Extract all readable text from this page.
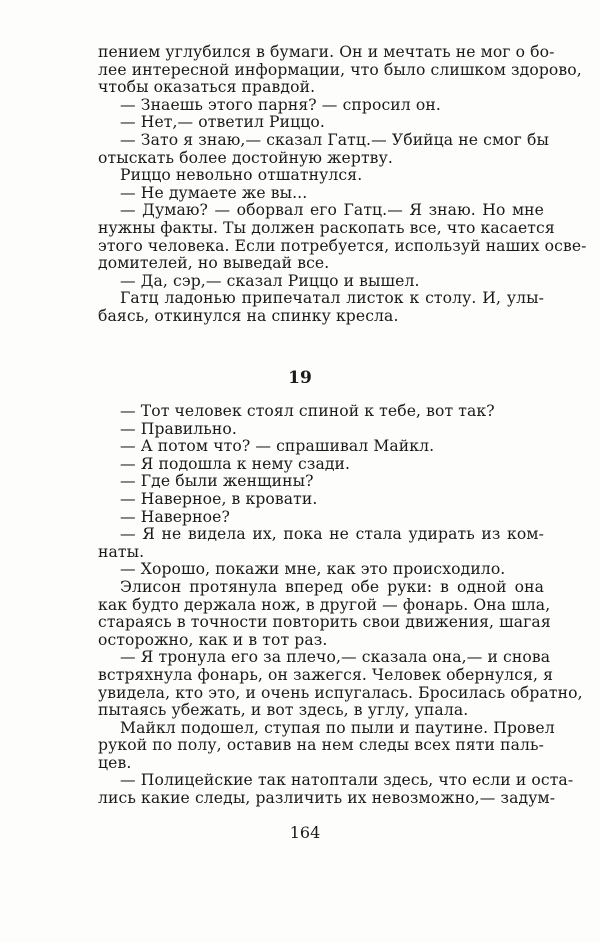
пением углубился в бумаги. Он и мечтать не мог о бо-
лее интересной информации, что было слишком здорово,
чтобы оказаться правдой.
— Знаешь этого парня? — спросил он.
— Нет,— ответил Риццо.
— Зато я знаю,— сказал Гатц.— Убийца не смог бы
отыскать более достойную жертву.
Риццо невольно отшатнулся.
— Не думаете же вы...
— Думаю? — оборвал его Гатц.— Я знаю. Но мне
нужны факты. Ты должен раскопать все, что касается
этого человека. Если потребуется, используй наших осве-
домителей, но выведай все.
— Да, сэр,— сказал Риццо и вышел.
Гатц ладонью припечатал листок к столу. И, улы-
баясь, откинулся на спинку кресла.
19
— Тот человек стоял спиной к тебе, вот так?
— Правильно.
— А потом что? — спрашивал Майкл.
— Я подошла к нему сзади.
— Где были женщины?
— Наверное, в кровати.
— Наверное?
— Я не видела их, пока не стала удирать из ком-
наты.
— Хорошо, покажи мне, как это происходило.
Элисон протянула вперед обе руки: в одной она
как будто держала нож, в другой — фонарь. Она шла,
стараясь в точности повторить свои движения, шагая
осторожно, как и в тот раз.
— Я тронула его за плечо,— сказала она,— и снова
встряхнула фонарь, он зажегся. Человек обернулся, я
увидела, кто это, и очень испугалась. Бросилась обратно,
пытаясь убежать, и вот здесь, в углу, упала.
Майкл подошел, ступая по пыли и паутине. Провел
рукой по полу, оставив на нем следы всех пяти паль-
цев.
— Полицейские так натоптали здесь, что если и оста-
лись какие следы, различить их невозможно,— задум-
164
